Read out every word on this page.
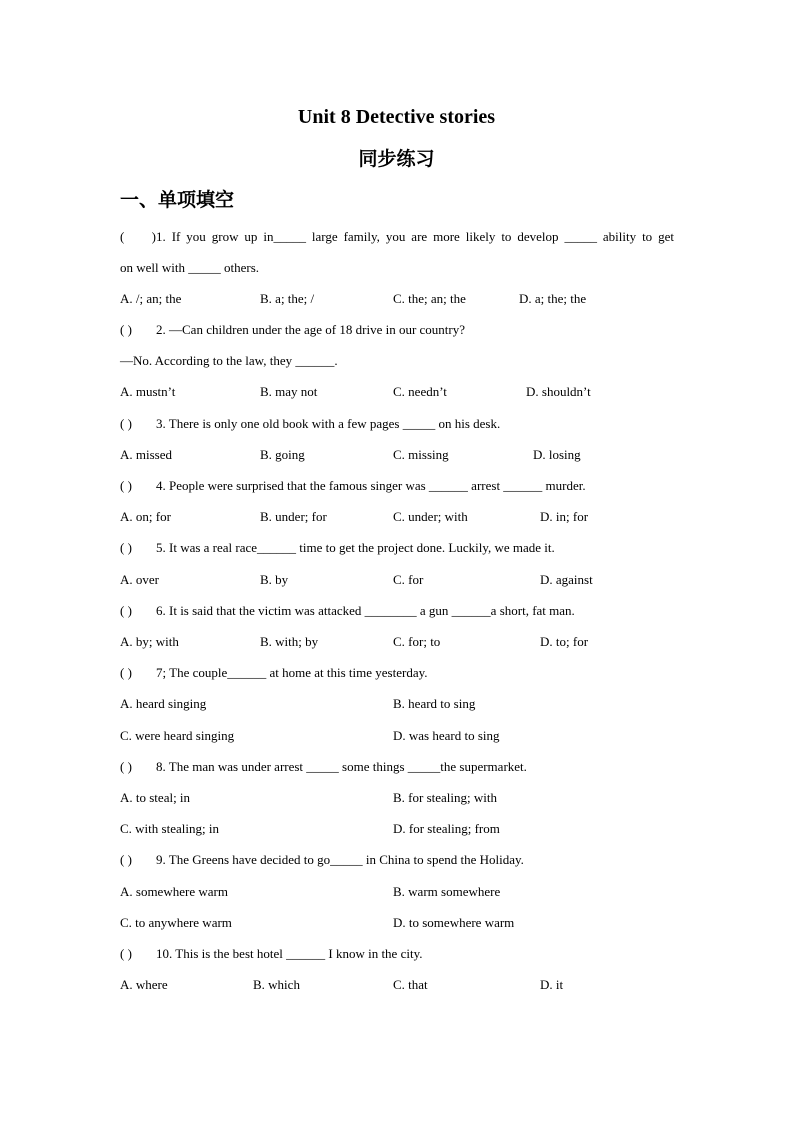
Unit 8 Detective stories
同步练习
一、单项填空
( )1. If you grow up in_____ large family, you are more likely to develop _____ ability to get
on well with _____ others.
A. /; an; the	B. a; the; /	C. the; an; the	D. a; the; the
( ) 2. —Can children under the age of 18 drive in our country?
—No. According to the law, they ______.
A. mustn’t	B. may not	C. needn’t	D. shouldn’t
( ) 3. There is only one old book with a few pages _____ on his desk.
A. missed	B. going	C. missing	D. losing
( ) 4. People were surprised that the famous singer was ______ arrest ______ murder.
A. on; for	B. under; for	C. under; with	D. in; for
( ) 5. It was a real race______ time to get the project done. Luckily, we made it.
A. over	B. by	C. for	D. against
( ) 6. It is said that the victim was attacked ________ a gun ______a short, fat man.
A. by; with	B. with; by	C. for; to	D. to; for
( ) 7; The couple______ at home at this time yesterday.
A. heard singing	B. heard to sing
C. were heard singing	D. was heard to sing
( ) 8. The man was under arrest _____ some things _____the supermarket.
A. to steal; in	B. for stealing; with
C. with stealing; in	D. for stealing; from
( ) 9. The Greens have decided to go_____ in China to spend the Holiday.
A. somewhere warm	B. warm somewhere
C. to anywhere warm	D. to somewhere warm
( ) 10. This is the best hotel ______ I know in the city.
A. where	B. which	C. that	D. it
